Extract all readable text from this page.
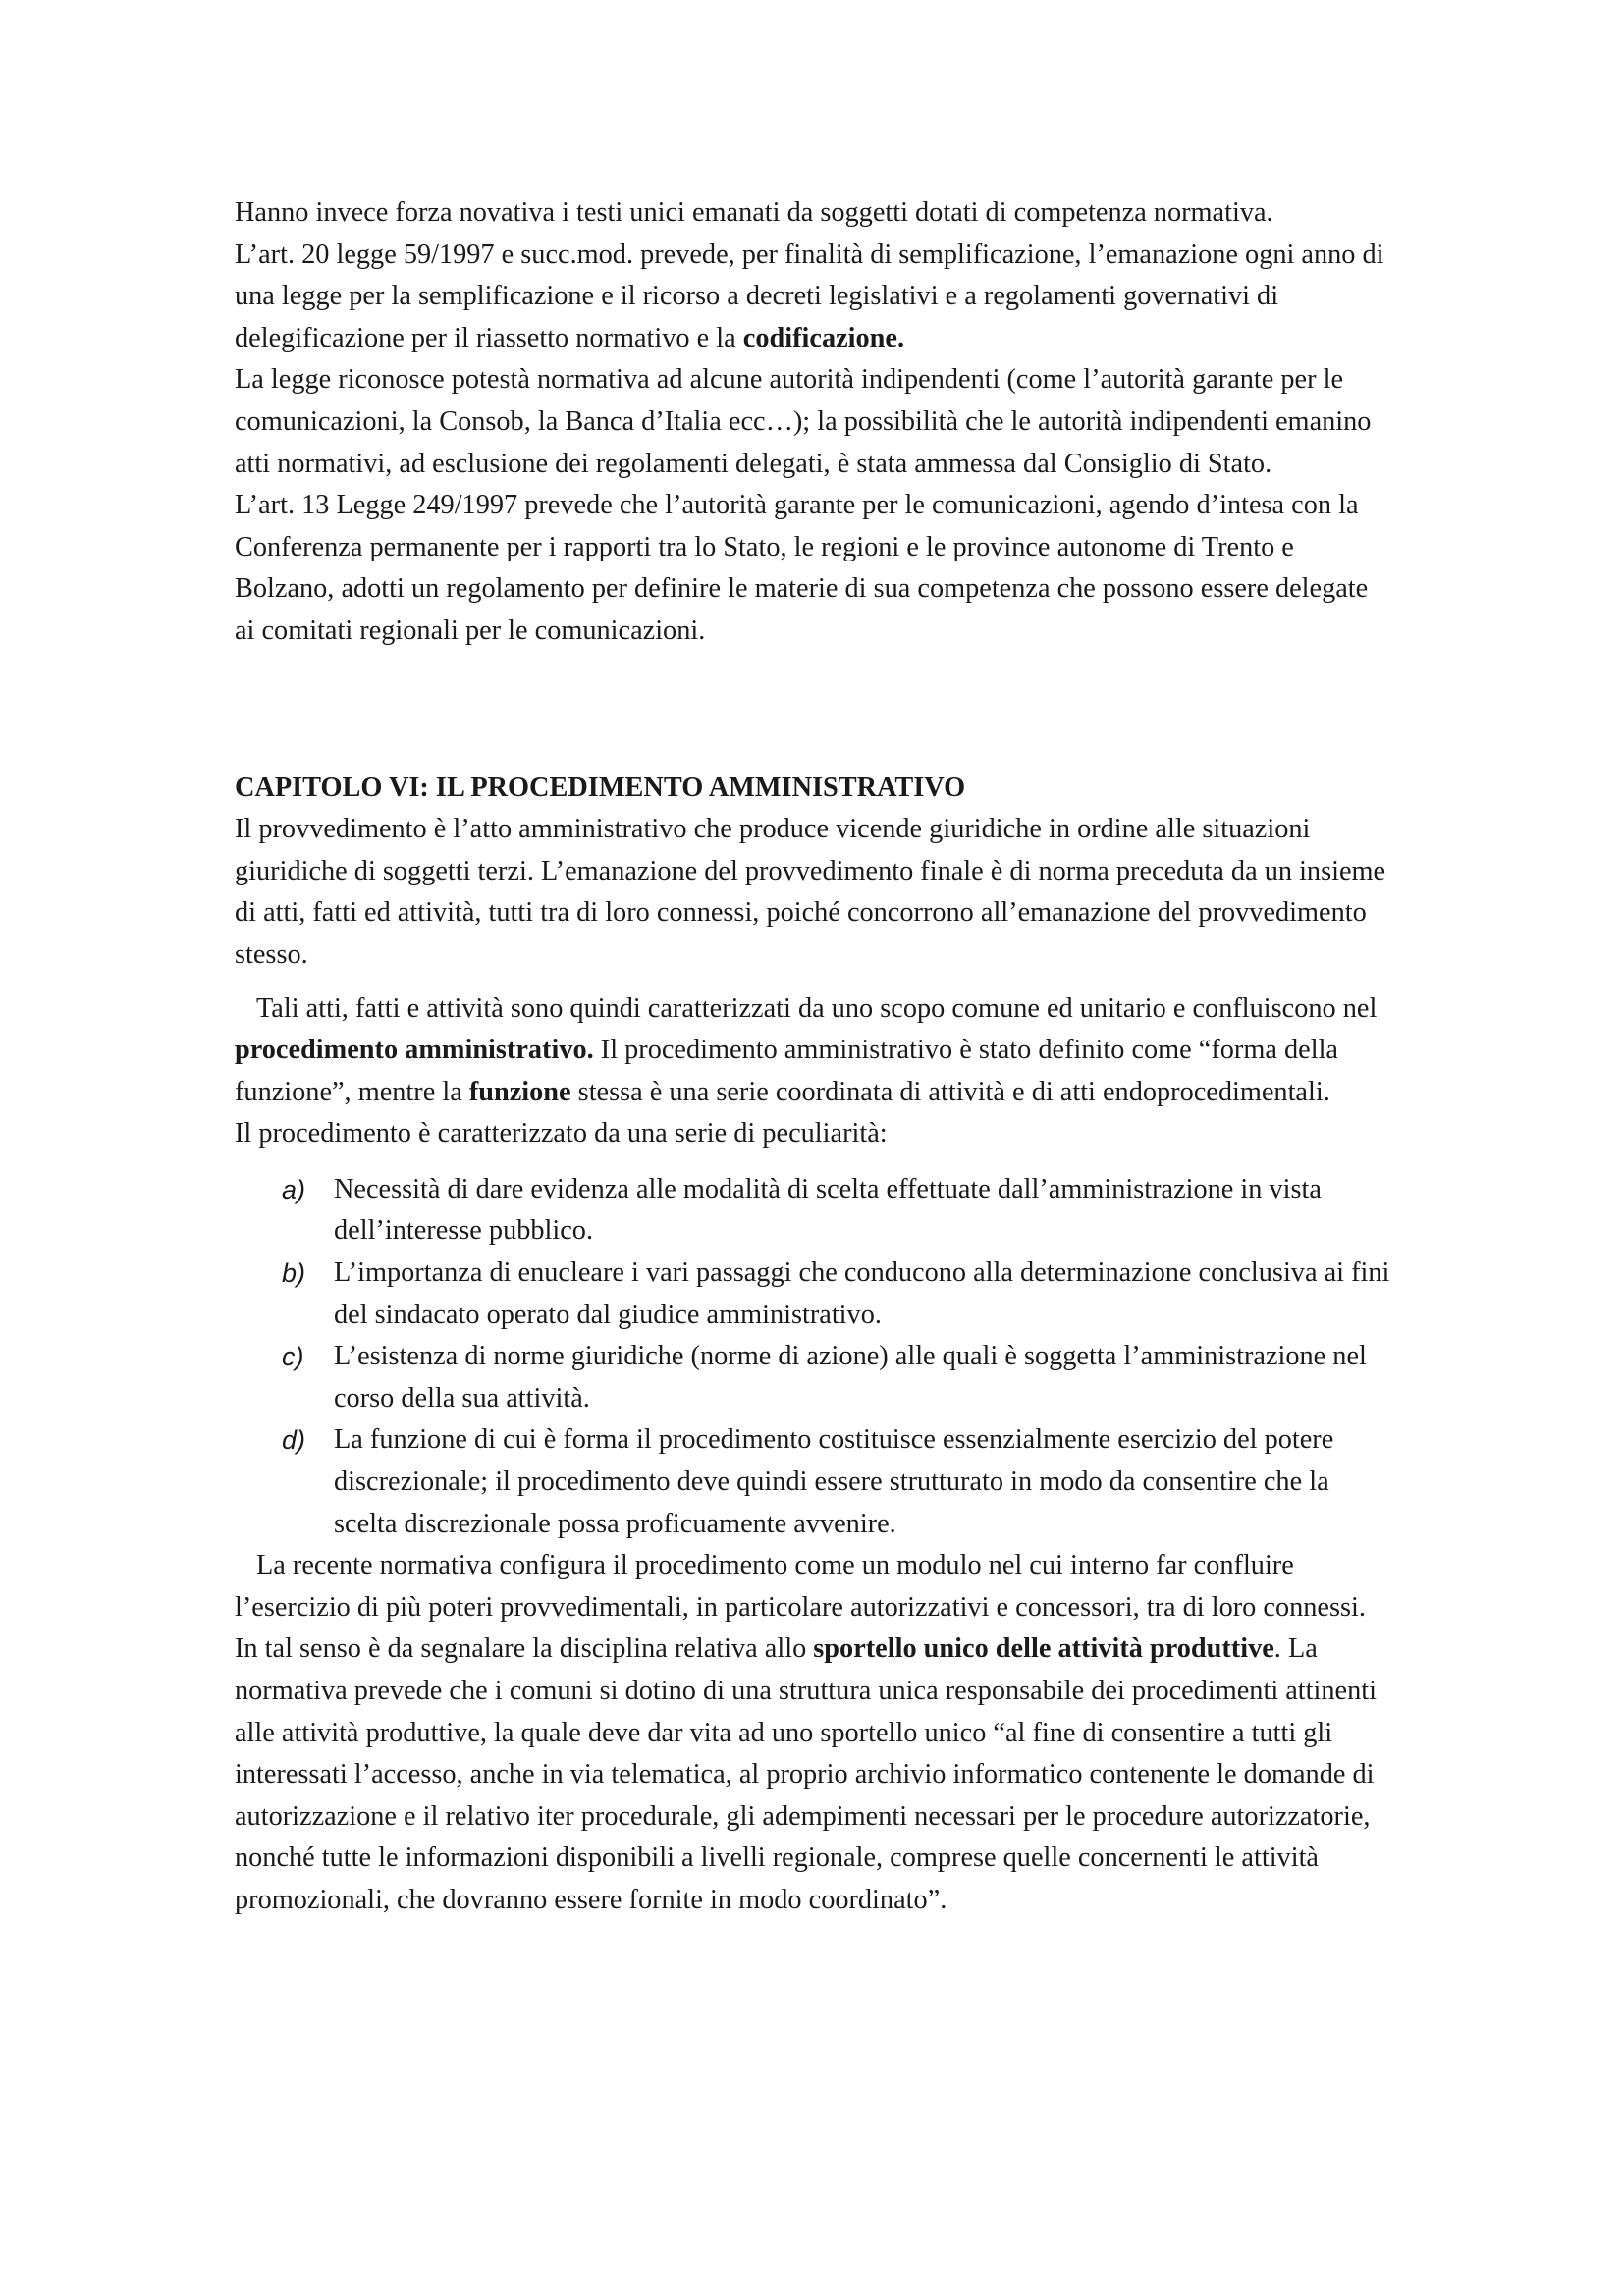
Hanno invece forza novativa i testi unici emanati da soggetti dotati di competenza normativa.

L’art. 20 legge 59/1997 e succ.mod. prevede, per finalità di semplificazione, l’emanazione ogni anno di una legge per la semplificazione e il ricorso a decreti legislativi e a regolamenti governativi di delegificazione per il riassetto normativo e la codificazione.

La legge riconosce potestà normativa ad alcune autorità indipendenti (come l’autorità garante per le comunicazioni, la Consob, la Banca d’Italia ecc…); la possibilità che le autorità indipendenti emanino atti normativi, ad esclusione dei regolamenti delegati, è stata ammessa dal Consiglio di Stato.

L’art. 13 Legge 249/1997 prevede che l’autorità garante per le comunicazioni, agendo d’intesa con la Conferenza permanente per i rapporti tra lo Stato, le regioni e le province autonome di Trento e Bolzano, adotti un regolamento per definire le materie di sua competenza che possono essere delegate ai comitati regionali per le comunicazioni.

CAPITOLO VI: IL PROCEDIMENTO AMMINISTRATIVO

Il provvedimento è l’atto amministrativo che produce vicende giuridiche in ordine alle situazioni giuridiche di soggetti terzi. L’emanazione del provvedimento finale è di norma preceduta da un insieme di atti, fatti ed attività, tutti tra di loro connessi, poiché concorrono all’emanazione del provvedimento stesso.

Tali atti, fatti e attività sono quindi caratterizzati da uno scopo comune ed unitario e confluiscono nel procedimento amministrativo. Il procedimento amministrativo è stato definito come “forma della funzione”, mentre la funzione stessa è una serie coordinata di attività e di atti endoprocedimentali.

Il procedimento è caratterizzato da una serie di peculiarità:

a) Necessità di dare evidenza alle modalità di scelta effettuate dall’amministrazione in vista dell’interesse pubblico.
b) L’importanza di enucleare i vari passaggi che conducono alla determinazione conclusiva ai fini del sindacato operato dal giudice amministrativo.
c) L’esistenza di norme giuridiche (norme di azione) alle quali è soggetta l’amministrazione nel corso della sua attività.
d) La funzione di cui è forma il procedimento costituisce essenzialmente esercizio del potere discrezionale; il procedimento deve quindi essere strutturato in modo da consentire che la scelta discrezionale possa proficuamente avvenire.

La recente normativa configura il procedimento come un modulo nel cui interno far confluire l’esercizio di più poteri provvedimentali, in particolare autorizzativi e concessori, tra di loro connessi. In tal senso è da segnalare la disciplina relativa allo sportello unico delle attività produttive. La normativa prevede che i comuni si dotino di una struttura unica responsabile dei procedimenti attinenti alle attività produttive, la quale deve dar vita ad uno sportello unico “al fine di consentire a tutti gli interessati l’accesso, anche in via telematica, al proprio archivio informatico contenente le domande di autorizzazione e il relativo iter procedurale, gli adempimenti necessari per le procedure autorizzatorie, nonché tutte le informazioni disponibili a livelli regionale, comprese quelle concernenti le attività promozionali, che dovranno essere fornite in modo coordinato”.
